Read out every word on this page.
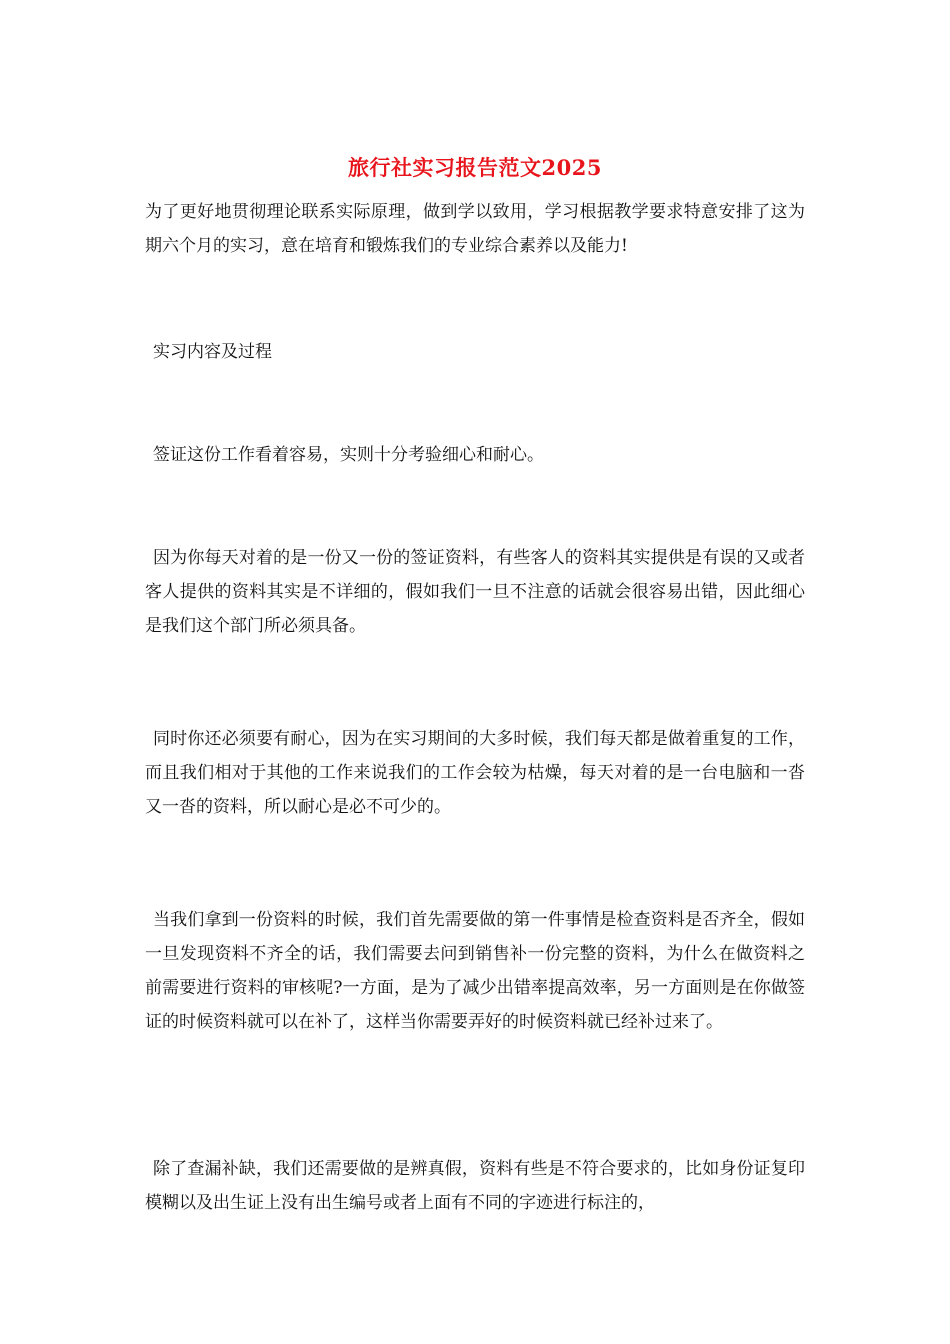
旅行社实习报告范文2025

为了更好地贯彻理论联系实际原理，做到学以致用，学习根据教学要求特意安排了这为期六个月的实习，意在培育和锻炼我们的专业综合素养以及能力!

实习内容及过程

签证这份工作看着容易，实则十分考验细心和耐心。

因为你每天对着的是一份又一份的签证资料，有些客人的资料其实提供是有误的又或者客人提供的资料其实是不详细的，假如我们一旦不注意的话就会很容易出错，因此细心是我们这个部门所必须具备。

同时你还必须要有耐心，因为在实习期间的大多时候，我们每天都是做着重复的工作，而且我们相对于其他的工作来说我们的工作会较为枯燥，每天对着的是一台电脑和一沓又一沓的资料，所以耐心是必不可少的。

当我们拿到一份资料的时候，我们首先需要做的第一件事情是检查资料是否齐全，假如一旦发现资料不齐全的话，我们需要去问到销售补一份完整的资料，为什么在做资料之前需要进行资料的审核呢?一方面，是为了减少出错率提高效率，另一方面则是在你做签证的时候资料就可以在补了，这样当你需要弄好的时候资料就已经补过来了。

除了查漏补缺，我们还需要做的是辨真假，资料有些是不符合要求的，比如身份证复印模糊以及出生证上没有出生编号或者上面有不同的字迹进行标注的，
